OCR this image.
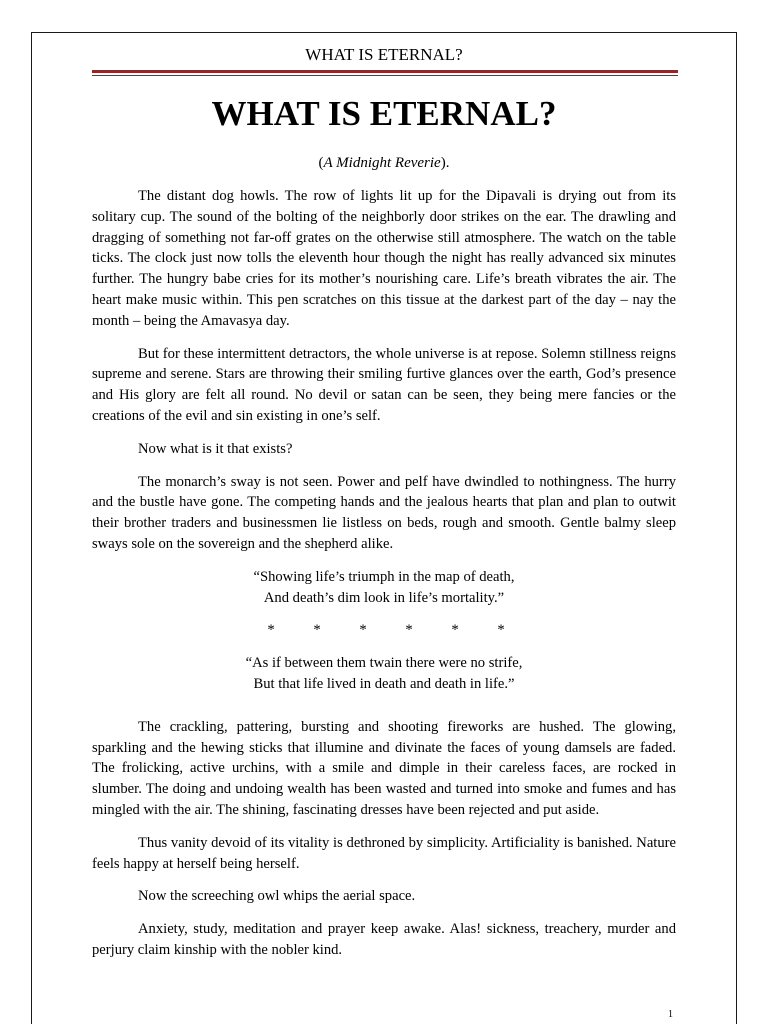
WHAT IS ETERNAL?
WHAT IS ETERNAL?
(A Midnight Reverie).

The distant dog howls. The row of lights lit up for the Dipavali is drying out from its solitary cup. The sound of the bolting of the neighborly door strikes on the ear. The drawling and dragging of something not far-off grates on the otherwise still atmosphere. The watch on the table ticks. The clock just now tolls the eleventh hour though the night has really advanced six minutes further. The hungry babe cries for its mother’s nourishing care. Life’s breath vibrates the air. The heart make music within. This pen scratches on this tissue at the darkest part of the day – nay the month – being the Amavasya day.

But for these intermittent detractors, the whole universe is at repose. Solemn stillness reigns supreme and serene. Stars are throwing their smiling furtive glances over the earth, God’s presence and His glory are felt all round. No devil or satan can be seen, they being mere fancies or the creations of the evil and sin existing in one’s self.

Now what is it that exists?

The monarch’s sway is not seen. Power and pelf have dwindled to nothingness. The hurry and the bustle have gone. The competing hands and the jealous hearts that plan and plan to outwit their brother traders and businessmen lie listless on beds, rough and smooth. Gentle balmy sleep sways sole on the sovereign and the shepherd alike.

“Showing life’s triumph in the map of death,
And death’s dim look in life’s mortality.”
*	*	*	*	*	*
“As if between them twain there were no strife,
But that life lived in death and death in life.”

The crackling, pattering, bursting and shooting fireworks are hushed. The glowing, sparkling and the hewing sticks that illumine and divinate the faces of young damsels are faded. The frolicking, active urchins, with a smile and dimple in their careless faces, are rocked in slumber. The doing and undoing wealth has been wasted and turned into smoke and fumes and has mingled with the air. The shining, fascinating dresses have been rejected and put aside.

Thus vanity devoid of its vitality is dethroned by simplicity. Artificiality is banished. Nature feels happy at herself being herself.

Now the screeching owl whips the aerial space.

Anxiety, study, meditation and prayer keep awake. Alas! sickness, treachery, murder and perjury claim kinship with the nobler kind.

1
